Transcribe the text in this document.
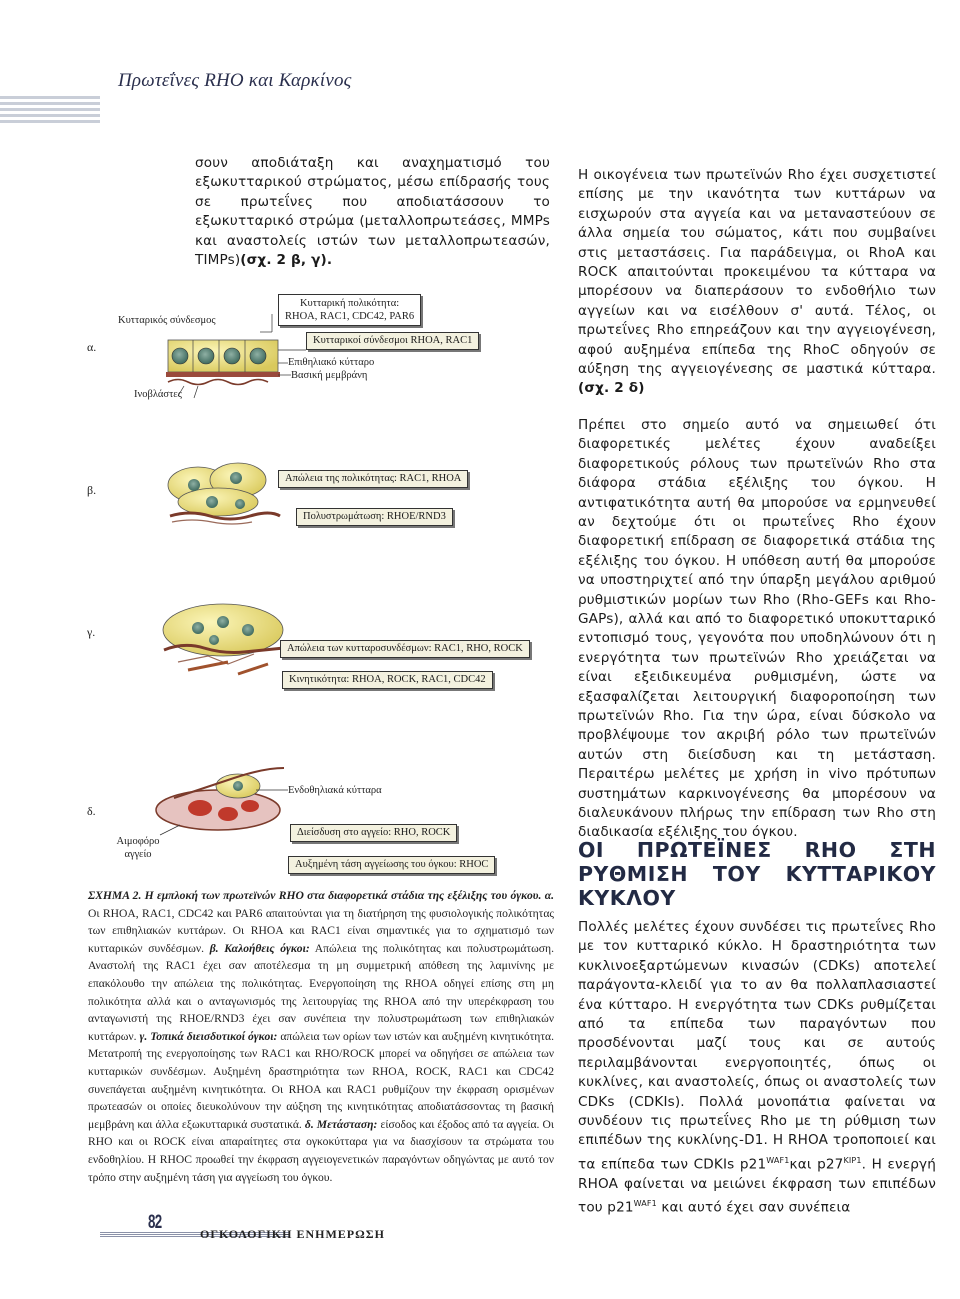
Πρωτεΐνες RHO και Καρκίνος

σουν αποδιάταξη και αναχηματισμό του εξωκυτταρικού στρώματος, μέσω επίδρασής τους σε πρωτεΐνες που αποδιατάσσουν το εξωκυτταρικό στρώμα (μεταλλοπρωτεάσες, MMPs και αναστολείς ιστών των μεταλλοπρωτεασών, TIMPs)(σχ. 2 β, γ).

α.
β.
γ.
δ.
Κυτταρικός σύνδεσμος
Ινοβλάστες
Κυτταρική πολικότητα:
RHOA, RAC1, CDC42, PAR6
Κυτταρικοί σύνδεσμοι RHOA, RAC1
Επιθηλιακό κύτταρο
Βασική μεμβράνη
Απώλεια της πολικότητας: RAC1, RHOA
Πολυστρωμάτωση: RHOE/RND3
Απώλεια των κυτταροσυνδέσμων: RAC1, RHO, ROCK
Κινητικότητα: RHOA, ROCK, RAC1, CDC42
Ενδοθηλιακά κύτταρα
Διείσδυση στο αγγείο: RHO, ROCK
Αιμοφόρο αγγείο
Αυξημένη τάση αγγείωσης του όγκου: RHOC
ΣΧΗΜΑ 2. Η εμπλοκή των πρωτεϊνών RHO στα διαφορετικά στάδια της εξέλιξης του όγκου. α. Οι RHOA, RAC1, CDC42 και PAR6 απαιτούνται για τη διατήρηση της φυσιολογικής πολικότητας των επιθηλιακών κυττάρων. Οι RHOA και RAC1 είναι σημαντικές για το σχηματισμό των κυτταρικών συνδέσμων. β. Καλοήθεις όγκοι: Απώλεια της πολικότητας και πολυστρωμάτωση. Αναστολή της RAC1 έχει σαν αποτέλεσμα τη μη συμμετρική απόθεση της λαμινίνης με επακόλουθο την απώλεια της πολικότητας. Ενεργοποίηση της RHOA οδηγεί επίσης στη μη πολικότητα αλλά και ο ανταγωνισμός της λειτουργίας της RHOA από την υπερέκφραση του ανταγωνιστή της RHOE/RND3 έχει σαν συνέπεια την πολυστρωμάτωση των επιθηλιακών κυττάρων. γ. Τοπικά διεισδυτικοί όγκοι: απώλεια των ορίων των ιστών και αυξημένη κινητικότητα. Μετατροπή της ενεργοποίησης των RAC1 και RHO/ROCK μπορεί να οδηγήσει σε απώλεια των κυτταρικών συνδέσμων. Αυξημένη δραστηριότητα των RHOA, ROCK, RAC1 και CDC42 συνεπάγεται αυξημένη κινητικότητα. Οι RHOA και RAC1 ρυθμίζουν την έκφραση ορισμένων πρωτεασών οι οποίες διευκολύνουν την αύξηση της κινητικότητας αποδιατάσσοντας τη βασική μεμβράνη και άλλα εξωκυτταρικά συστατικά. δ. Μετάσταση: είσοδος και έξοδος από τα αγγεία. Οι RHO και οι ROCK είναι απαραίτητες στα ογκοκύτταρα για να διασχίσουν τα στρώματα του ενδοθηλίου. Η RHOC προωθεί την έκφραση αγγειογενετικών παραγόντων οδηγώντας με αυτό τον τρόπο στην αυξημένη τάση για αγγείωση του όγκου.

Η οικογένεια των πρωτεϊνών Rho έχει συσχετιστεί επίσης με την ικανότητα των κυττάρων να εισχωρούν στα αγγεία και να μεταναστεύουν σε άλλα σημεία του σώματος, κάτι που συμβαίνει στις μεταστάσεις. Για παράδειγμα, οι RhoA και ROCK απαιτούνται προκειμένου τα κύτταρα να μπορέσουν να διαπεράσουν το ενδοθήλιο των αγγείων και να εισέλθουν σ' αυτά. Τέλος, οι πρωτεΐνες Rho επηρεάζουν και την αγγειογένεση, αφού αυξημένα επίπεδα της RhoC οδηγούν σε αύξηση της αγγειογένεσης σε μαστικά κύτταρα. (σχ. 2 δ)

Πρέπει στο σημείο αυτό να σημειωθεί ότι διαφορετικές μελέτες έχουν αναδείξει διαφορετικούς ρόλους των πρωτεϊνών Rho στα διάφορα στάδια εξέλιξης του όγκου. Η αντιφατικότητα αυτή θα μπορούσε να ερμηνευθεί αν δεχτούμε ότι οι πρωτεΐνες Rho έχουν διαφορετική επίδραση σε διαφορετικά στάδια της εξέλιξης του όγκου. Η υπόθεση αυτή θα μπορούσε να υποστηριχτεί από την ύπαρξη μεγάλου αριθμού ρυθμιστικών μορίων των Rho (Rho-GEFs και Rho-GAPs), αλλά και από το διαφορετικό υποκυτταρικό εντοπισμό τους, γεγονότα που υποδηλώνουν ότι η ενεργότητα των πρωτεϊνών Rho χρειάζεται να είναι εξειδικευμένα ρυθμισμένη, ώστε να εξασφαλίζεται λειτουργική διαφοροποίηση των πρωτεϊνών Rho. Για την ώρα, είναι δύσκολο να προβλέψουμε τον ακριβή ρόλο των πρωτεϊνών αυτών στη διείσδυση και τη μετάσταση. Περαιτέρω μελέτες με χρήση in vivo πρότυπων συστημάτων καρκινογένεσης θα μπορέσουν να διαλευκάνουν πλήρως την επίδραση των Rho στη διαδικασία εξέλιξης του όγκου.

ΟΙ ΠΡΩΤΕΪΝΕΣ RHO ΣΤΗ ΡΥΘΜΙΣΗ ΤΟΥ ΚΥΤΤΑΡΙΚΟΥ ΚΥΚΛΟΥ

Πολλές μελέτες έχουν συνδέσει τις πρωτεΐνες Rho με τον κυτταρικό κύκλο. Η δραστηριότητα των κυκλινοεξαρτώμενων κινασών (CDKs) αποτελεί παράγοντα-κλειδί για το αν θα πολλαπλασιαστεί ένα κύτταρο. Η ενεργότητα των CDKs ρυθμίζεται από τα επίπεδα των παραγόντων που προσδένονται μαζί τους και σε αυτούς περιλαμβάνονται ενεργοποιητές, όπως οι κυκλίνες, και αναστολείς, όπως οι αναστολείς των CDKs (CDKIs). Πολλά μονοπάτια φαίνεται να συνδέουν τις πρωτεΐνες Rho με τη ρύθμιση των επιπέδων της κυκλίνης-D1. Η RHOA τροποποιεί και τα επίπεδα των CDKIs $p21^{WAF1}\kappa\alpha\iota$ $p27^{KIP1}$. Η ενεργή RHOA φαίνεται να μειώνει έκφραση των επιπέδων του $p21^{WAF1}$ και αυτό έχει σαν συνέπεια

82
ΟΓΚΟΛΟΓΙΚΗ ΕΝΗΜΕΡΩΣΗ
